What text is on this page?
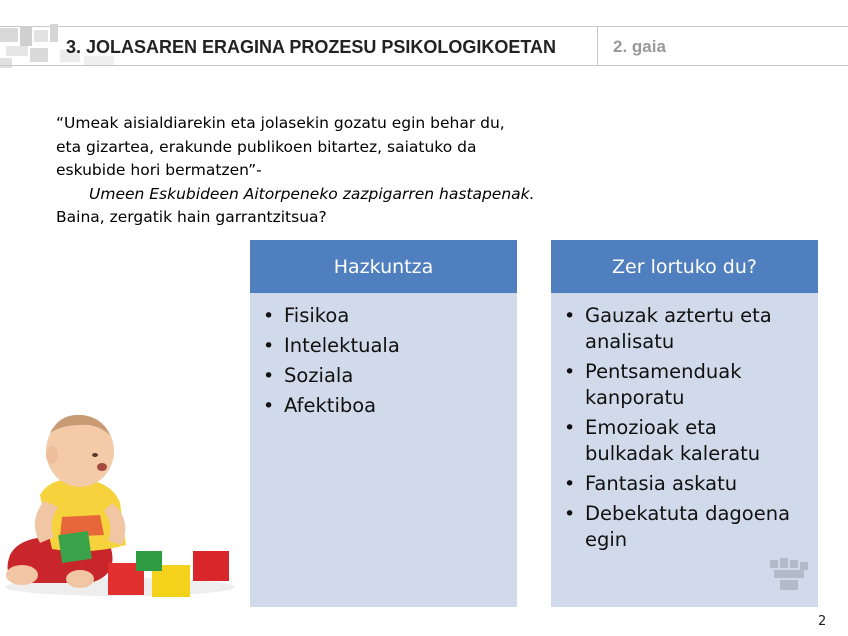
3. JOLASAREN ERAGINA PROZESU PSIKOLOGIKOETAN	2. gaia

“Umeak aisialdiarekin eta jolasekin gozatu egin behar du,

eta gizartea, erakunde publikoen bitartez, saiatuko da

eskubide hori bermatzen”-

Umeen Eskubideen Aitorpeneko zazpigarren hastapenak.

Baina, zergatik hain garrantzitsua?

Hazkuntza
• Fisikoa
• Intelektuala
• Soziala
• Afektiboa
Zer lortuko du?
• Gauzak aztertu eta analisatu
• Pentsamenduak kanporatu
• Emozioak eta bulkadak kaleratu
• Fantasia askatu
• Debekatuta dagoena egin
2
